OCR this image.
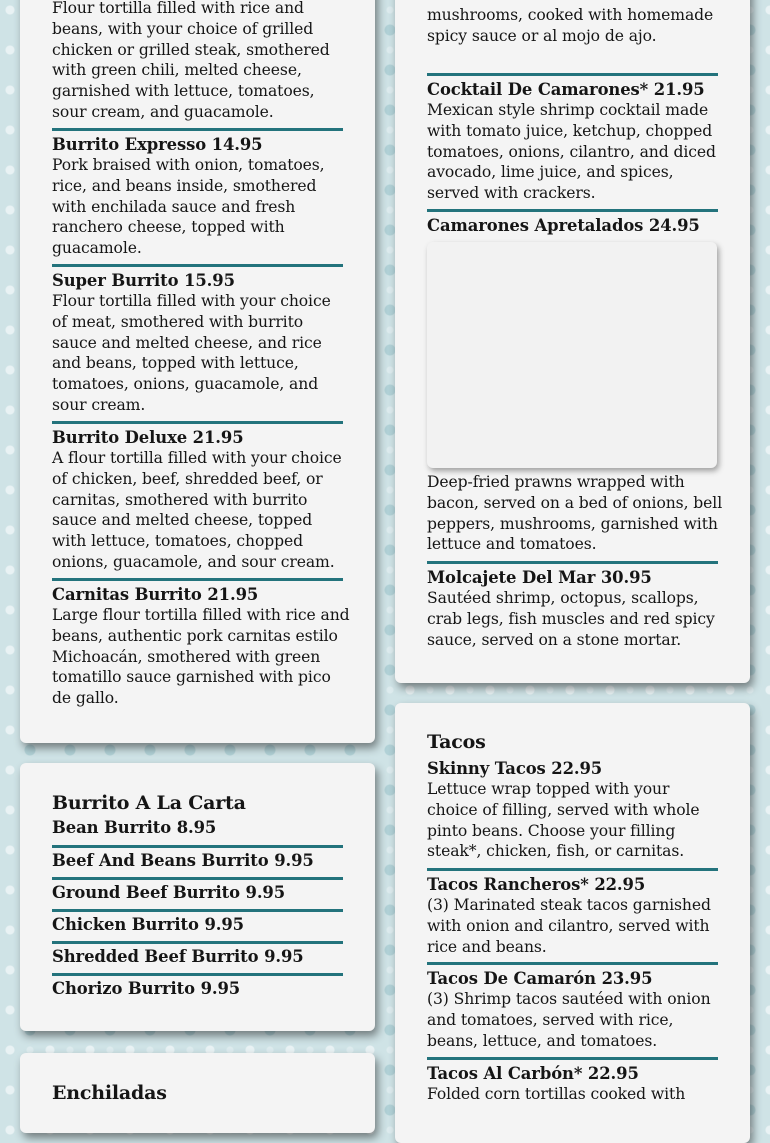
Flour tortilla filled with rice and beans, with your choice of grilled chicken or grilled steak, smothered with green chili, melted cheese, garnished with lettuce, tomatoes, sour cream, and guacamole.

Burrito Expresso 14.95

Pork braised with onion, tomatoes, rice, and beans inside, smothered with enchilada sauce and fresh ranchero cheese, topped with guacamole.

Super Burrito 15.95

Flour tortilla filled with your choice of meat, smothered with burrito sauce and melted cheese, and rice and beans, topped with lettuce, tomatoes, onions, guacamole, and sour cream.

Burrito Deluxe 21.95

A flour tortilla filled with your choice of chicken, beef, shredded beef, or carnitas, smothered with burrito sauce and melted cheese, topped with lettuce, tomatoes, chopped onions, guacamole, and sour cream.

Carnitas Burrito 21.95

Large flour tortilla filled with rice and beans, authentic pork carnitas estilo Michoacán, smothered with green tomatillo sauce garnished with pico de gallo.

Burrito A La Carta

Bean Burrito 8.95

Beef And Beans Burrito 9.95

Ground Beef Burrito 9.95

Chicken Burrito 9.95

Shredded Beef Burrito 9.95

Chorizo Burrito 9.95

Enchiladas

mushrooms, cooked with homemade spicy sauce or al mojo de ajo.

Cocktail De Camarones* 21.95

Mexican style shrimp cocktail made with tomato juice, ketchup, chopped tomatoes, onions, cilantro, and diced avocado, lime juice, and spices, served with crackers.

Camarones Apretalados 24.95

Deep-fried prawns wrapped with bacon, served on a bed of onions, bell peppers, mushrooms, garnished with lettuce and tomatoes.

Molcajete Del Mar 30.95

Sautéed shrimp, octopus, scallops, crab legs, fish muscles and red spicy sauce, served on a stone mortar.

Tacos

Skinny Tacos 22.95

Lettuce wrap topped with your choice of filling, served with whole pinto beans. Choose your filling steak*, chicken, fish, or carnitas.

Tacos Rancheros* 22.95

(3) Marinated steak tacos garnished with onion and cilantro, served with rice and beans.

Tacos De Camarón 23.95

(3) Shrimp tacos sautéed with onion and tomatoes, served with rice, beans, lettuce, and tomatoes.

Tacos Al Carbón* 22.95

Folded corn tortillas cooked with
